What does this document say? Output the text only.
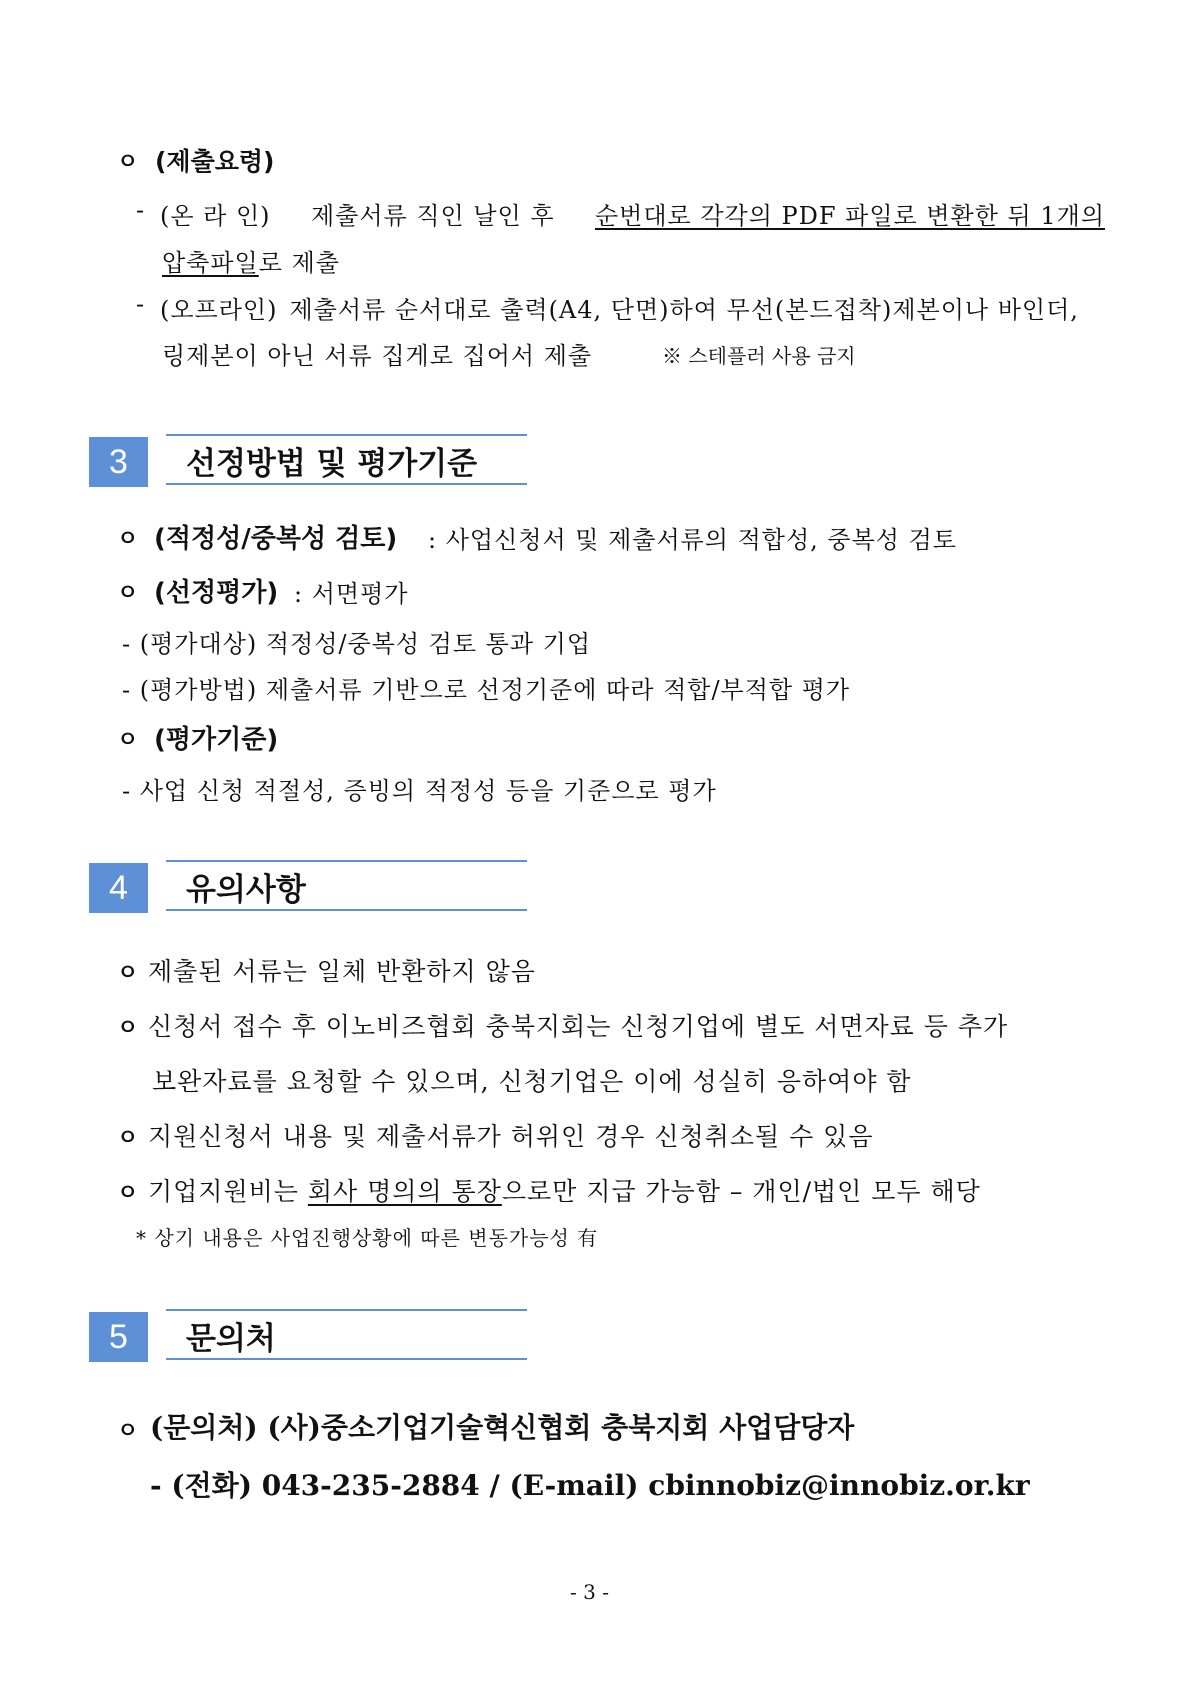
ㅇ (제출요령)
- (온 라 인) 제출서류 직인 날인 후 순번대로 각각의 PDF 파일로 변환한 뒤 1개의
압축파일로 제출
- (오프라인) 제출서류 순서대로 출력(A4, 단면)하여 무선(본드접착)제본이나 바인더,
링제본이 아닌 서류 집게로 집어서 제출	※ 스테플러 사용 금지
3	선정방법 및 평가기준
ㅇ (적정성/중복성 검토) : 사업신청서 및 제출서류의 적합성, 중복성 검토
ㅇ (선정평가) : 서면평가
- (평가대상) 적정성/중복성 검토 통과 기업
- (평가방법) 제출서류 기반으로 선정기준에 따라 적합/부적합 평가
ㅇ (평가기준)
- 사업 신청 적절성, 증빙의 적정성 등을 기준으로 평가
4	유의사항
ㅇ 제출된 서류는 일체 반환하지 않음
ㅇ 신청서 접수 후 이노비즈협회 충북지회는 신청기업에 별도 서면자료 등 추가
보완자료를 요청할 수 있으며, 신청기업은 이에 성실히 응하여야 함
ㅇ 지원신청서 내용 및 제출서류가 허위인 경우 신청취소될 수 있음
ㅇ 기업지원비는 회사 명의의 통장으로만 지급 가능함 – 개인/법인 모두 해당
* 상기 내용은 사업진행상황에 따른 변동가능성 有
5	문의처
ㅇ (문의처) (사)중소기업기술혁신협회 충북지회 사업담당자
- (전화) 043-235-2884 / (E-mail) cbinnobiz@innobiz.or.kr
- 3 -
